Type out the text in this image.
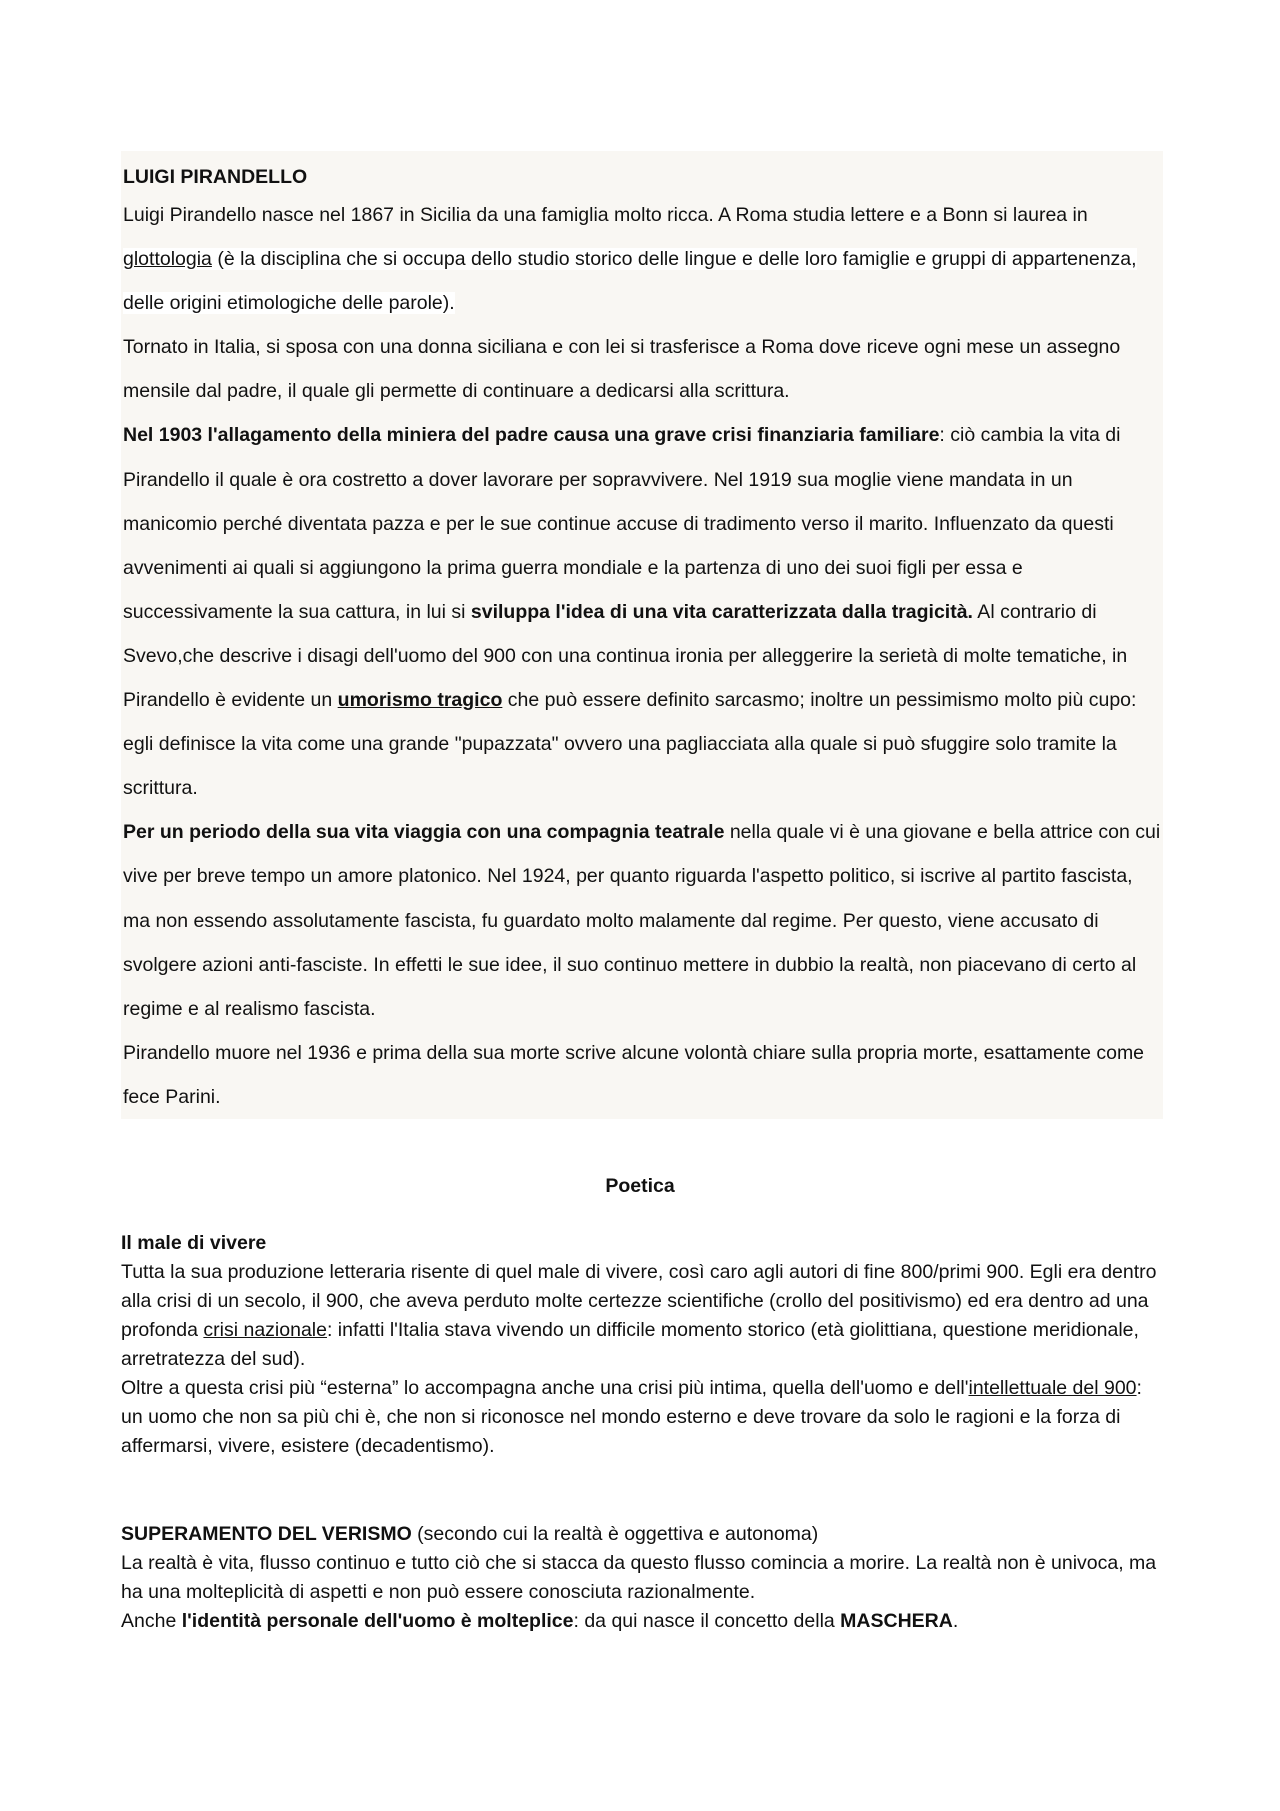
LUIGI PIRANDELLO

Luigi Pirandello nasce nel 1867 in Sicilia da una famiglia molto ricca. A Roma studia lettere e a Bonn si laurea in glottologia (è la disciplina che si occupa dello studio storico delle lingue e delle loro famiglie e gruppi di appartenenza, delle origini etimologiche delle parole).

Tornato in Italia, si sposa con una donna siciliana e con lei si trasferisce a Roma dove riceve ogni mese un assegno mensile dal padre, il quale gli permette di continuare a dedicarsi alla scrittura.

Nel 1903 l'allagamento della miniera del padre causa una grave crisi finanziaria familiare: ciò cambia la vita di Pirandello il quale è ora costretto a dover lavorare per sopravvivere. Nel 1919 sua moglie viene mandata in un manicomio perché diventata pazza e per le sue continue accuse di tradimento verso il marito. Influenzato da questi avvenimenti ai quali si aggiungono la prima guerra mondiale e la partenza di uno dei suoi figli per essa e successivamente la sua cattura, in lui si sviluppa l'idea di una vita caratterizzata dalla tragicità. Al contrario di Svevo,che descrive i disagi dell'uomo del 900 con una continua ironia per alleggerire la serietà di molte tematiche, in Pirandello è evidente un umorismo tragico che può essere definito sarcasmo; inoltre un pessimismo molto più cupo: egli definisce la vita come una grande "pupazzata" ovvero una pagliacciata alla quale si può sfuggire solo tramite la scrittura.

Per un periodo della sua vita viaggia con una compagnia teatrale nella quale vi è una giovane e bella attrice con cui vive per breve tempo un amore platonico. Nel 1924, per quanto riguarda l'aspetto politico, si iscrive al partito fascista, ma non essendo assolutamente fascista, fu guardato molto malamente dal regime. Per questo, viene accusato di svolgere azioni anti-fasciste. In effetti le sue idee, il suo continuo mettere in dubbio la realtà, non piacevano di certo al regime e al realismo fascista.

Pirandello muore nel 1936 e prima della sua morte scrive alcune volontà chiare sulla propria morte, esattamente come fece Parini.

Poetica

Il male di vivere

Tutta la sua produzione letteraria risente di quel male di vivere, così caro agli autori di fine 800/primi 900. Egli era dentro alla crisi di un secolo, il 900, che aveva perduto molte certezze scientifiche (crollo del positivismo) ed era dentro ad una profonda crisi nazionale: infatti l'Italia stava vivendo un difficile momento storico (età giolittiana, questione meridionale, arretratezza del sud).

Oltre a questa crisi più “esterna” lo accompagna anche una crisi più intima, quella dell'uomo e dell'intellettuale del 900: un uomo che non sa più chi è, che non si riconosce nel mondo esterno e deve trovare da solo le ragioni e la forza di affermarsi, vivere, esistere (decadentismo).

SUPERAMENTO DEL VERISMO (secondo cui la realtà è oggettiva e autonoma)

La realtà è vita, flusso continuo e tutto ciò che si stacca da questo flusso comincia a morire. La realtà non è univoca, ma ha una molteplicità di aspetti e non può essere conosciuta razionalmente.

Anche l'identità personale dell'uomo è molteplice: da qui nasce il concetto della MASCHERA.
